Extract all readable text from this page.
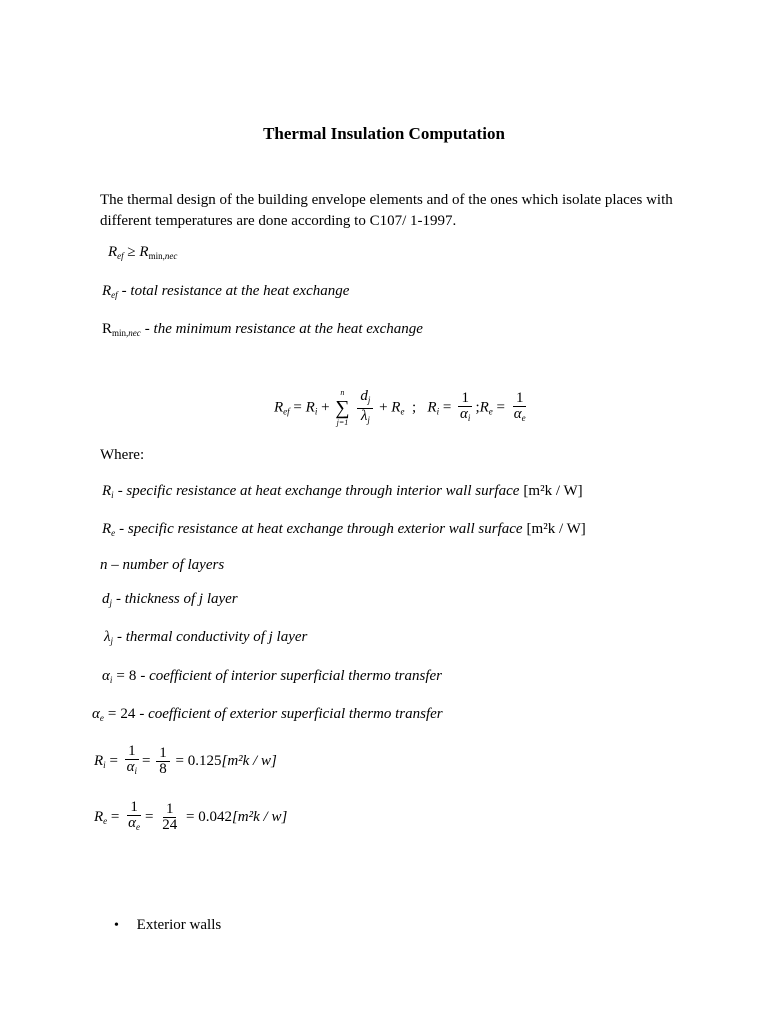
Thermal Insulation Computation
The thermal design of the building envelope elements and of the ones which isolate places with different temperatures are done according to C107/ 1-1997.
$R_{ef} \ge R_{min,nec}$
$R_{ef}$ - total resistance at the heat exchange
$R_{min,nec}$ - the minimum resistance at the heat exchange
$R_{ef} = R_i$ +
n
∑
j=1
$\frac{d_j}{\lambda_j} + R_e$  ;   $R_i = \frac{1}{\alpha_i}$ $;R_e = \frac{1}{\alpha_e}$
Where:
$R_i$ - specific resistance at heat exchange through interior wall surface [m²k / W]
$R_e$ - specific resistance at heat exchange through exterior wall surface [m²k / W]
n – number of layers
$d_j$ - thickness of j layer
$\lambda_j$ - thermal conductivity of j layer
$\alpha_i = 8$ - coefficient of interior superficial thermo transfer
$\alpha_e = 24$ - coefficient of exterior superficial thermo transfer
$R_i = \frac{1}{\alpha_i} = \frac{1}{8} = 0.125[m^2k / w]$
$R_e = \frac{1}{\alpha_e} = \frac{1}{24} = 0.042[m^2k / w]$
• Exterior walls
